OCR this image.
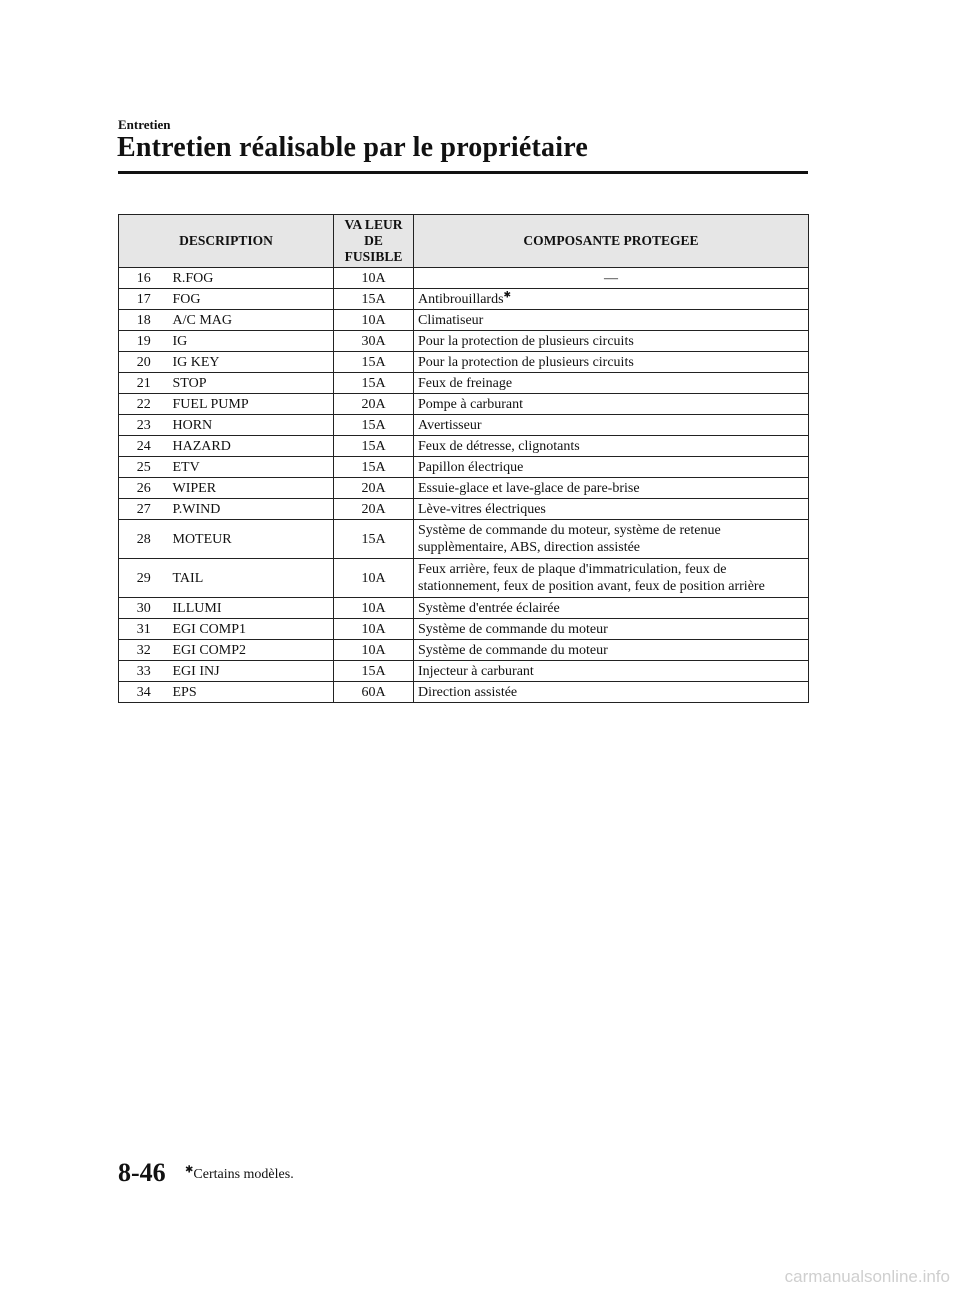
Entretien
Entretien réalisable par le propriétaire
DESCRIPTION		VA LEUR
DE
FUSIBLE	COMPOSANTE PROTEGEE
16	R.FOG	10A	—
17	FOG	15A	Antibrouillards✱
18	A/C MAG	10A	Climatiseur
19	IG	30A	Pour la protection de plusieurs circuits
20	IG KEY	15A	Pour la protection de plusieurs circuits
21	STOP	15A	Feux de freinage
22	FUEL PUMP	20A	Pompe à carburant
23	HORN	15A	Avertisseur
24	HAZARD	15A	Feux de détresse, clignotants
25	ETV	15A	Papillon électrique
26	WIPER	20A	Essuie-glace et lave-glace de pare-brise
27	P.WIND	20A	Lève-vitres électriques
28	MOTEUR	15A	Système de commande du moteur, système de retenue supplèmentaire, ABS, direction assistée
29	TAIL	10A	Feux arrière, feux de plaque d'immatriculation, feux de stationnement, feux de position avant, feux de position arrière
30	ILLUMI	10A	Système d'entrée éclairée
31	EGI COMP1	10A	Système de commande du moteur
32	EGI COMP2	10A	Système de commande du moteur
33	EGI INJ	15A	Injecteur à carburant
34	EPS	60A	Direction assistée
8-46 ✱Certains modèles.
carmanualsonline.info
